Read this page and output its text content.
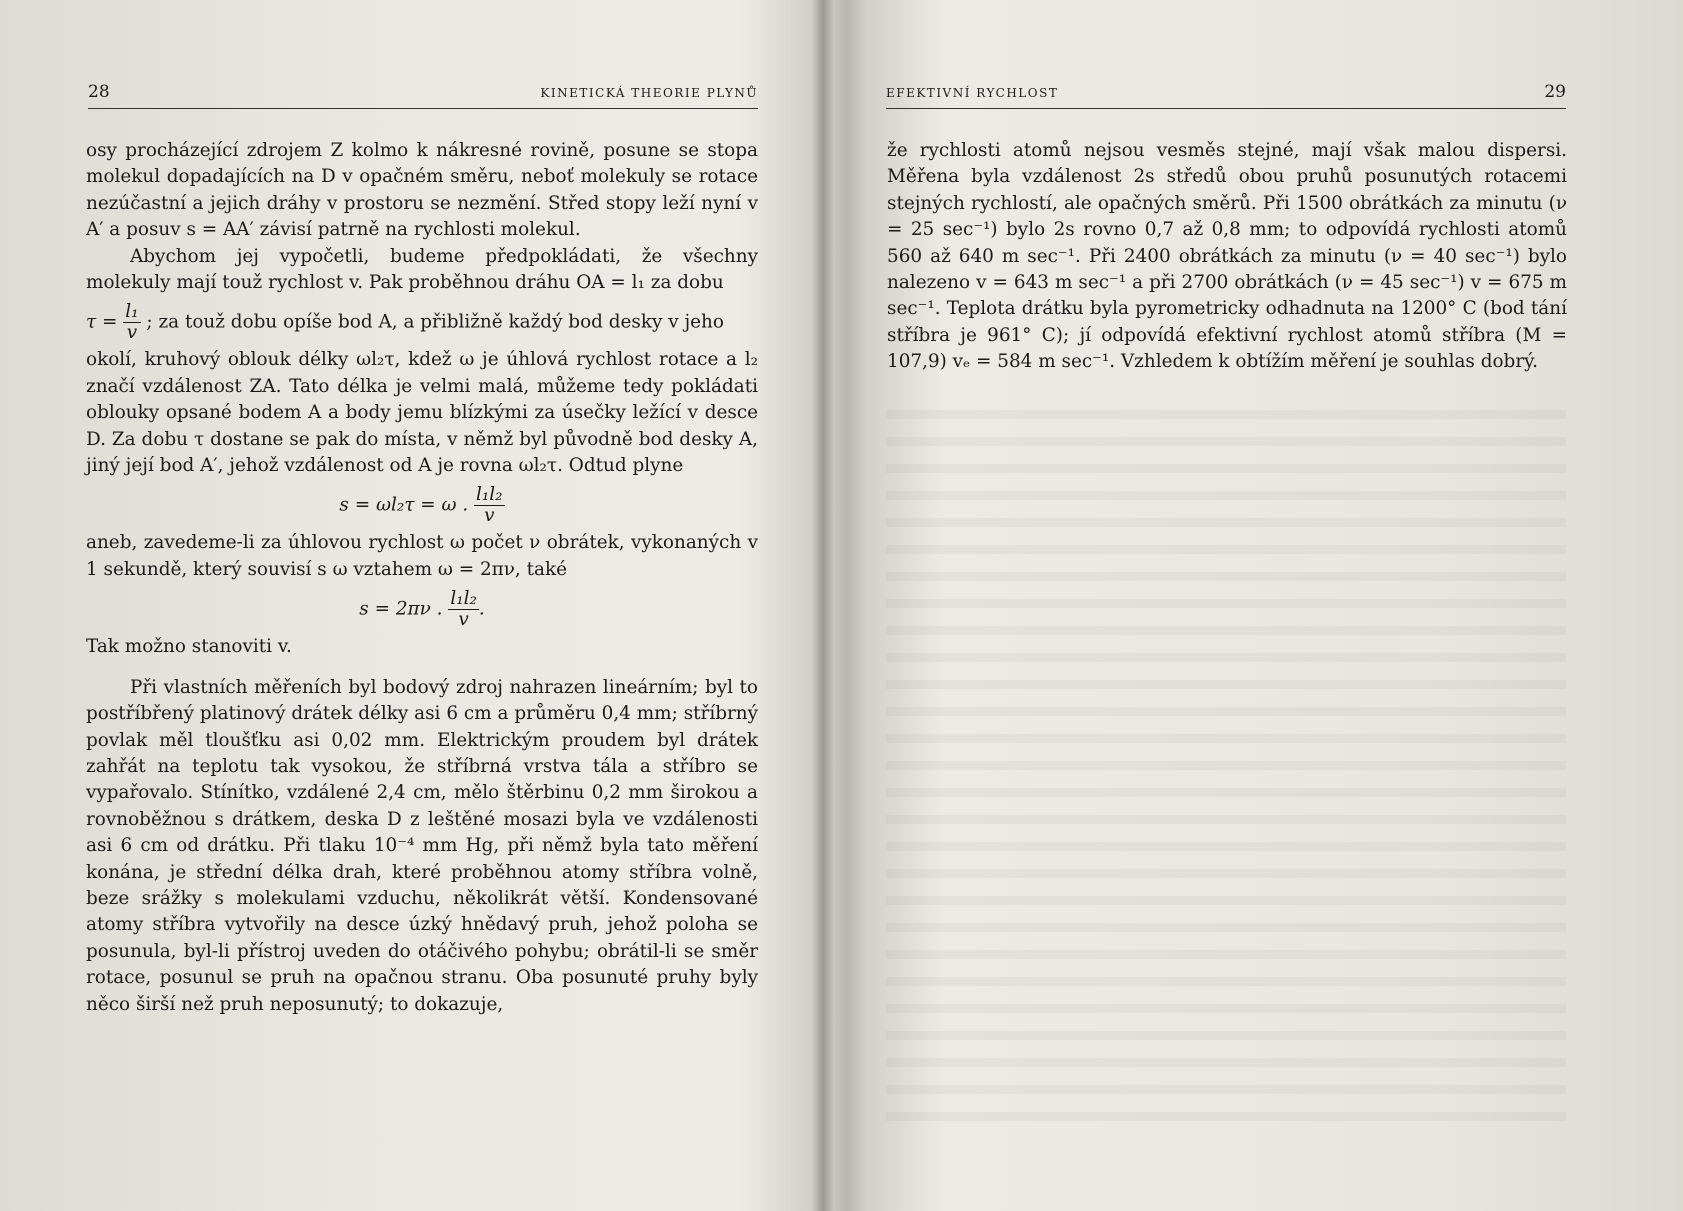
28	KINETICKÁ THEORIE PLYNŮ

osy procházející zdrojem Z kolmo k nákresné rovině, posune se stopa molekul dopadajících na D v opačném směru, neboť molekuly se rotace nezúčastní a jejich dráhy v prostoru se nezmění. Střed stopy leží nyní v A′ a posuv s = AA′ závisí patrně na rychlosti molekul.

Abychom jej vypočetli, budeme předpokládati, že všechny molekuly mají touž rychlost v. Pak proběhnou dráhu OA = l₁ za dobu

$\tau = \frac{\text{l₁}}{v}$ ; za touž dobu opíše bod A, a přibližně každý bod desky v jeho

okolí, kruhový oblouk délky ωl₂τ, kdež ω je úhlová rychlost rotace a l₂ značí vzdálenost ZA. Tato délka je velmi malá, můžeme tedy pokládati oblouky opsané bodem A a body jemu blízkými za úsečky ležící v desce D. Za dobu τ dostane se pak do místa, v němž byl původně bod desky A, jiný její bod A′, jehož vzdálenost od A je rovna ωl₂τ. Odtud plyne

s = ωl₂τ = ω . $\frac{\text{l₁l₂}}{v}$

aneb, zavedeme-li za úhlovou rychlost ω počet ν obrátek, vykonaných v 1 sekundě, který souvisí s ω vztahem ω = 2πν, také

s = 2πν . $\frac{\text{l₁l₂}}{v}$ .

Tak možno stanoviti v.

Při vlastních měřeních byl bodový zdroj nahrazen lineárním; byl to postříbřený platinový drátek délky asi 6 cm a průměru 0,4 mm; stříbrný povlak měl tloušťku asi 0,02 mm. Elektrickým proudem byl drátek zahřát na teplotu tak vysokou, že stříbrná vrstva tála a stříbro se vypařovalo. Stínítko, vzdálené 2,4 cm, mělo štěrbinu 0,2 mm širokou a rovnoběžnou s drátkem, deska D z leštěné mosazi byla ve vzdálenosti asi 6 cm od drátku. Při tlaku 10⁻⁴ mm Hg, při němž byla tato měření konána, je střední délka drah, které proběhnou atomy stříbra volně, beze srážky s molekulami vzduchu, několikrát větší. Kondensované atomy stříbra vytvořily na desce úzký hnědavý pruh, jehož poloha se posunula, byl-li přístroj uveden do otáčivého pohybu; obrátil-li se směr rotace, posunul se pruh na opačnou stranu. Oba posunuté pruhy byly něco širší než pruh neposunutý; to dokazuje,

EFEKTIVNÍ RYCHLOST	29

že rychlosti atomů nejsou vesměs stejné, mají však malou dispersi. Měřena byla vzdálenost 2s středů obou pruhů posunutých rotacemi stejných rychlostí, ale opačných směrů. Při 1500 obrátkách za minutu (ν = 25 sec⁻¹) bylo 2s rovno 0,7 až 0,8 mm; to odpovídá rychlosti atomů 560 až 640 m sec⁻¹. Při 2400 obrátkách za minutu (ν = 40 sec⁻¹) bylo nalezeno v = 643 m sec⁻¹ a při 2700 obrátkách (ν = 45 sec⁻¹) v = 675 m sec⁻¹. Teplota drátku byla pyrometricky odhadnuta na 1200° C (bod tání stříbra je 961° C); jí odpovídá efektivní rychlost atomů stříbra (M = 107,9) vₑ = 584 m sec⁻¹. Vzhledem k obtížím měření je souhlas dobrý.
